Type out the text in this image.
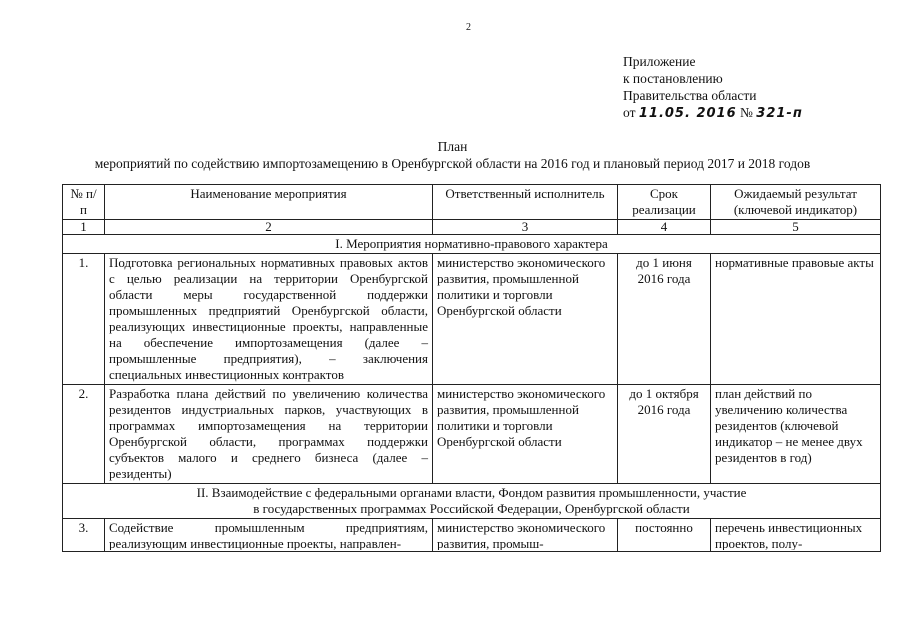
2
Приложение
к постановлению
Правительства области
от 11.05. 2016 № 321-п
План
мероприятий по содействию импортозамещению в Оренбургской области на 2016 год и плановый период 2017 и 2018 годов
№ п/п	Наименование мероприятия	Ответственный исполнитель	Срок реализации	Ожидаемый результат (ключевой индикатор)
1	2	3	4	5
I. Мероприятия нормативно-правового характера				
1.	Подготовка региональных нормативных правовых актов с целью реализации на территории Оренбургской области меры государственной поддержки промышленных предприятий Оренбургской области, реализующих инвестиционные проекты, направленные на обеспечение импортозамещения (далее – промышленные предприятия), – заключения специальных инвестиционных контрактов	министерство экономического развития, промышленной политики и торговли Оренбургской области	до 1 июня 2016 года	нормативные правовые акты
2.	Разработка плана действий по увеличению количества резидентов индустриальных парков, участвующих в программах импортозамещения на территории Оренбургской области, программах поддержки субъектов малого и среднего бизнеса (далее – резиденты)	министерство экономического развития, промышленной политики и торговли Оренбургской области	до 1 октября 2016 года	план действий по увеличению количества резидентов (ключевой индикатор – не менее двух резидентов в год)

II. Взаимодействие с федеральными органами власти, Фондом развития промышленности, участие
в государственных программах Российской Федерации, Оренбургской области				

3.	Содействие промышленным предприятиям, реализующим инвестиционные проекты, направлен-	министерство экономического развития, промыш-	постоянно	перечень инвестиционных проектов, полу-
